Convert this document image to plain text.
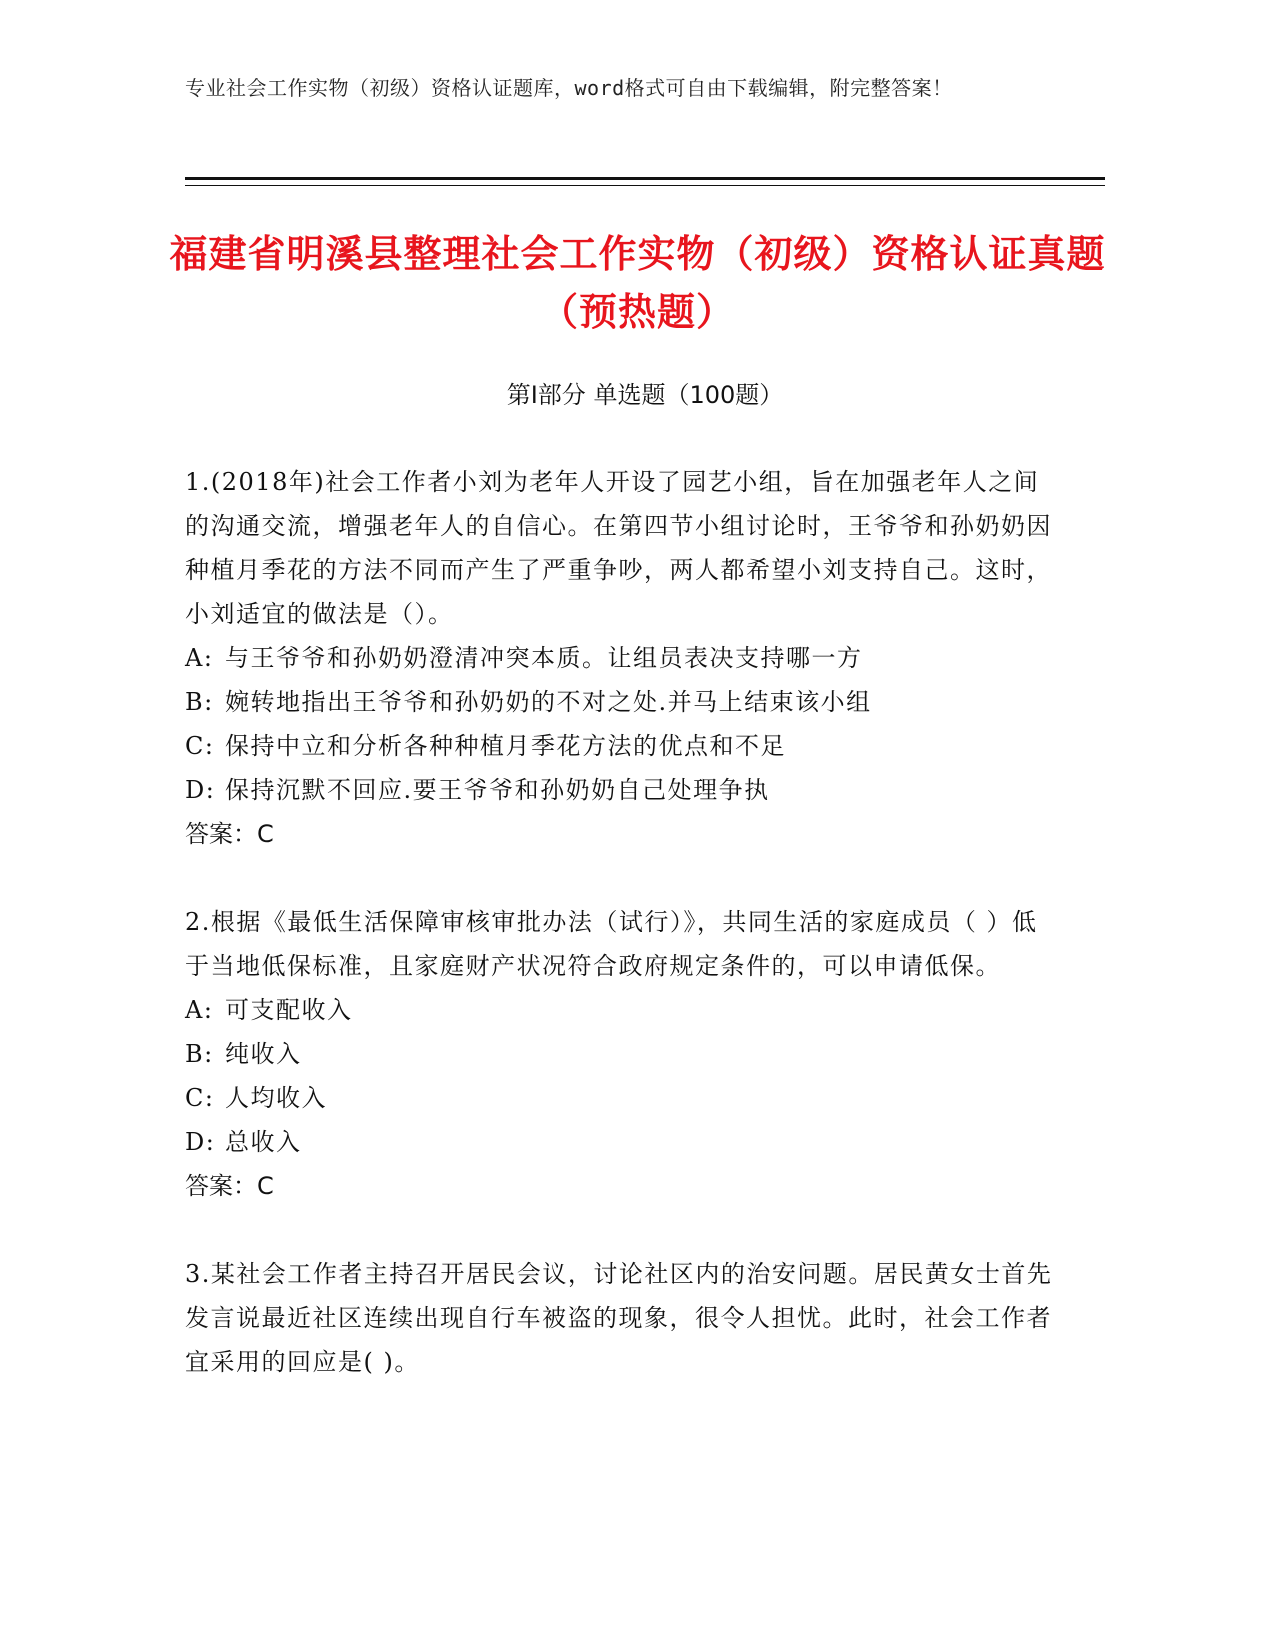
专业社会工作实物（初级）资格认证题库，word格式可自由下载编辑，附完整答案！
福建省明溪县整理社会工作实物（初级）资格认证真题（预热题）
第Ⅰ部分 单选题（100题）

1.(2018年)社会工作者小刘为老年人开设了园艺小组，旨在加强老年人之间的沟通交流，增强老年人的自信心。在第四节小组讨论时，王爷爷和孙奶奶因种植月季花的方法不同而产生了严重争吵，两人都希望小刘支持自己。这时，小刘适宜的做法是（）。

A: 与王爷爷和孙奶奶澄清冲突本质。让组员表决支持哪一方

B: 婉转地指出王爷爷和孙奶奶的不对之处.并马上结束该小组

C: 保持中立和分析各种种植月季花方法的优点和不足

D: 保持沉默不回应.要王爷爷和孙奶奶自己处理争执

答案：C

2.根据《最低生活保障审核审批办法（试行）》，共同生活的家庭成员（ ）低于当地低保标准，且家庭财产状况符合政府规定条件的，可以申请低保。

A: 可支配收入

B: 纯收入

C: 人均收入

D: 总收入

答案：C

3.某社会工作者主持召开居民会议，讨论社区内的治安问题。居民黄女士首先发言说最近社区连续出现自行车被盗的现象，很令人担忧。此时，社会工作者宜采用的回应是( )。
